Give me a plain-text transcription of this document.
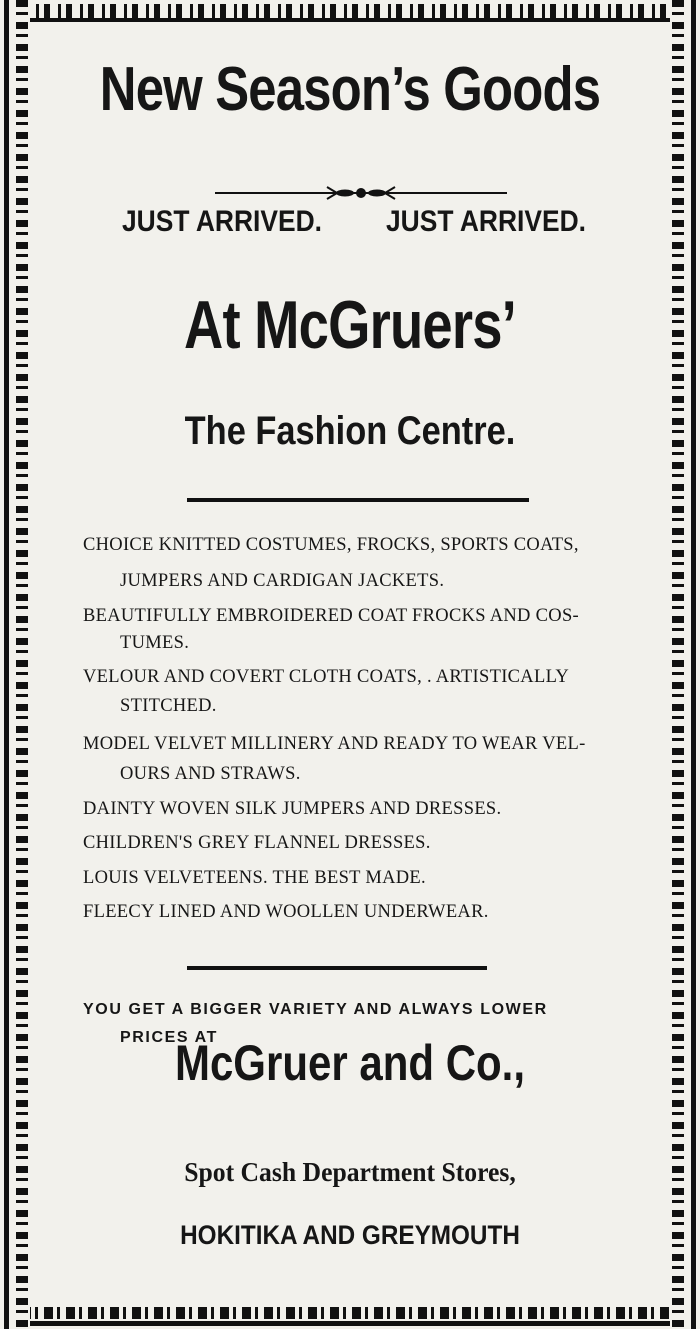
New Season’s Goods
JUST ARRIVED. JUST ARRIVED.
At McGruers’
The Fashion Centre.
CHOICE KNITTED COSTUMES, FROCKS, SPORTS COATS,
JUMPERS AND CARDIGAN JACKETS.
BEAUTIFULLY EMBROIDERED COAT FROCKS AND COS-
TUMES.
VELOUR AND COVERT CLOTH COATS, . ARTISTICALLY
STITCHED.
MODEL VELVET MILLINERY AND READY TO WEAR VEL-
OURS AND STRAWS.
DAINTY WOVEN SILK JUMPERS AND DRESSES.
CHILDREN'S GREY FLANNEL DRESSES.
LOUIS VELVETEENS. THE BEST MADE.
FLEECY LINED AND WOOLLEN UNDERWEAR.
YOU GET A BIGGER VARIETY AND ALWAYS LOWER
PRICES AT
McGruer and Co.,
Spot Cash Department Stores,
HOKITIKA AND GREYMOUTH
